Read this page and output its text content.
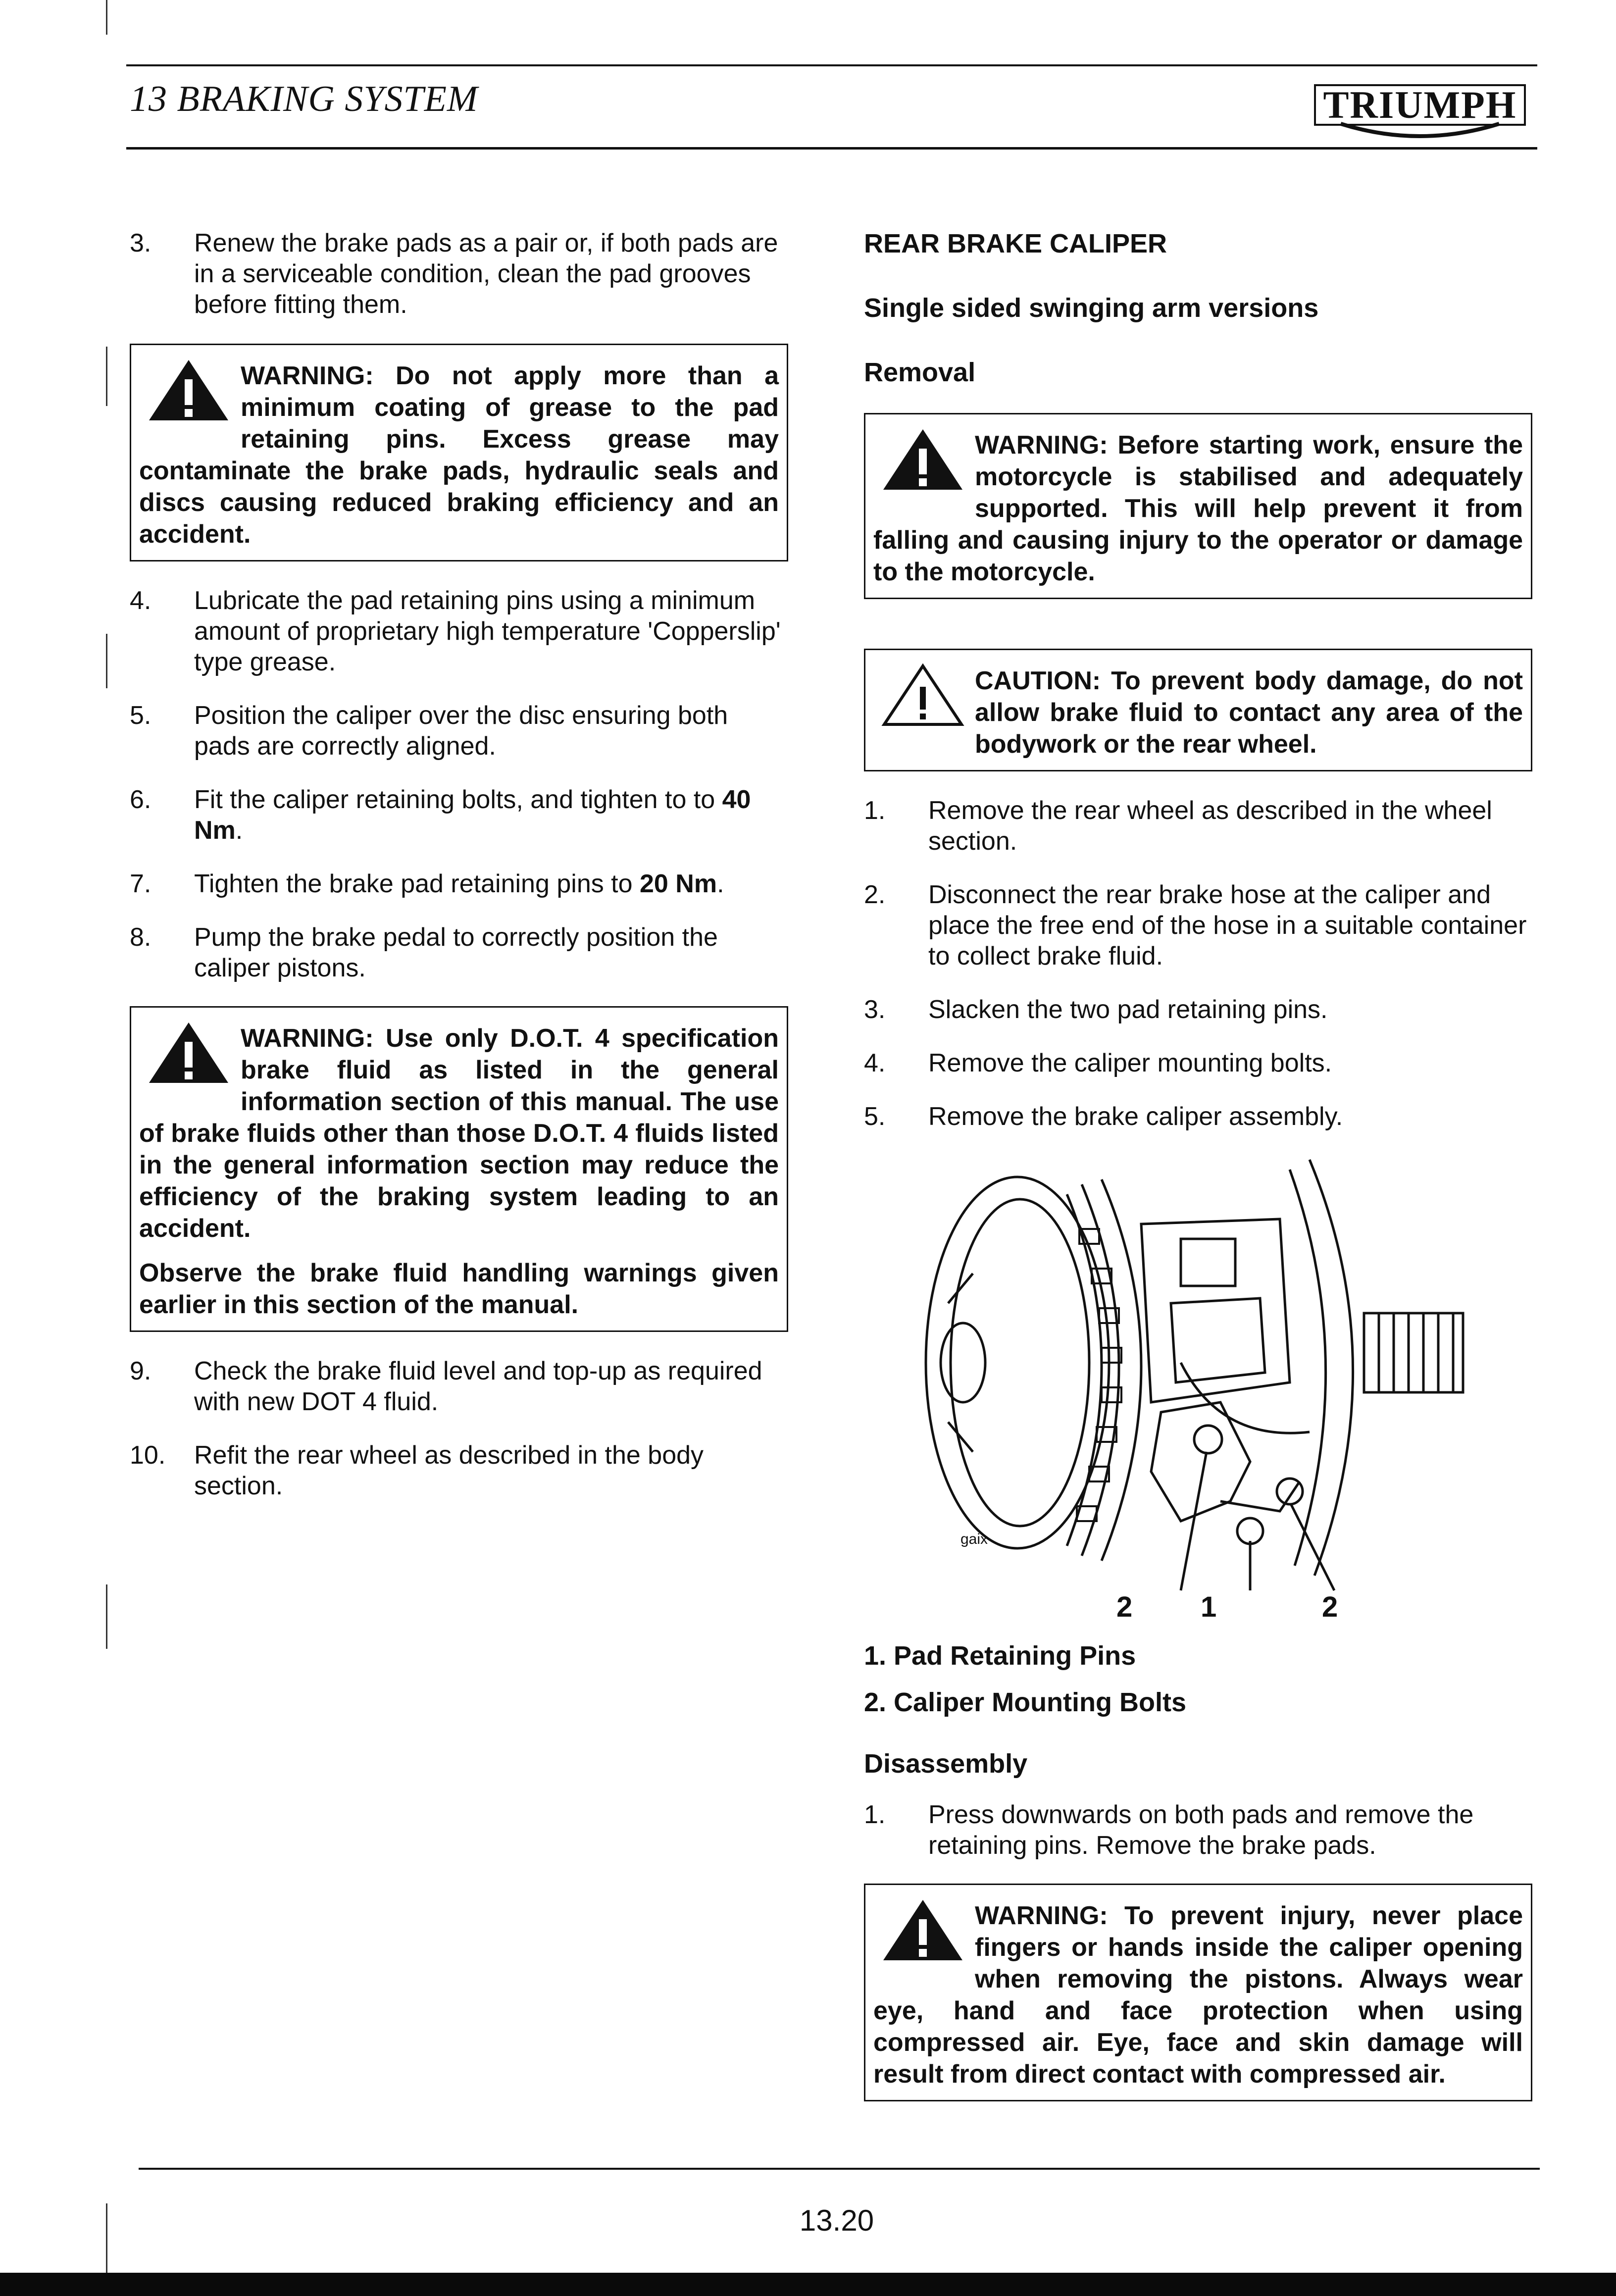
13 BRAKING SYSTEM	TRIUMPH
3.	Renew the brake pads as a pair or, if both pads are in a serviceable condition, clean the pad grooves before fitting them.
WARNING: Do not apply more than a minimum coating of grease to the pad retaining pins. Excess grease may contaminate the brake pads, hydraulic seals and discs causing reduced braking efficiency and an accident.
4.	Lubricate the pad retaining pins using a minimum amount of proprietary high temperature 'Copperslip' type grease.
5.	Position the caliper over the disc ensuring both pads are correctly aligned.
6.	Fit the caliper retaining bolts, and tighten to to 40 Nm.
7.	Tighten the brake pad retaining pins to 20 Nm.
8.	Pump the brake pedal to correctly position the caliper pistons.
WARNING: Use only D.O.T. 4 specification brake fluid as listed in the general information section of this manual. The use of brake fluids other than those D.O.T. 4 fluids listed in the general information section may reduce the efficiency of the braking system leading to an accident.
Observe the brake fluid handling warnings given earlier in this section of the manual.
9.	Check the brake fluid level and top-up as required with new DOT 4 fluid.
10.	Refit the rear wheel as described in the body section.
REAR BRAKE CALIPER
Single sided swinging arm versions
Removal
WARNING: Before starting work, ensure the motorcycle is stabilised and adequately supported. This will help prevent it from falling and causing injury to the operator or damage to the motorcycle.
CAUTION: To prevent body damage, do not allow brake fluid to contact any area of the bodywork or the rear wheel.
1.	Remove the rear wheel as described in the wheel section.
2.	Disconnect the rear brake hose at the caliper and place the free end of the hose in a suitable container to collect brake fluid.
3.	Slacken the two pad retaining pins.
4.	Remove the caliper mounting bolts.
5.	Remove the brake caliper assembly.
gaix
2 1	2
1. Pad Retaining Pins
2. Caliper Mounting Bolts
Disassembly
1.	Press downwards on both pads and remove the retaining pins. Remove the brake pads.
WARNING: To prevent injury, never place fingers or hands inside the caliper opening when removing the pistons. Always wear eye, hand and face protection when using compressed air. Eye, face and skin damage will result from direct contact with compressed air.
13.20
